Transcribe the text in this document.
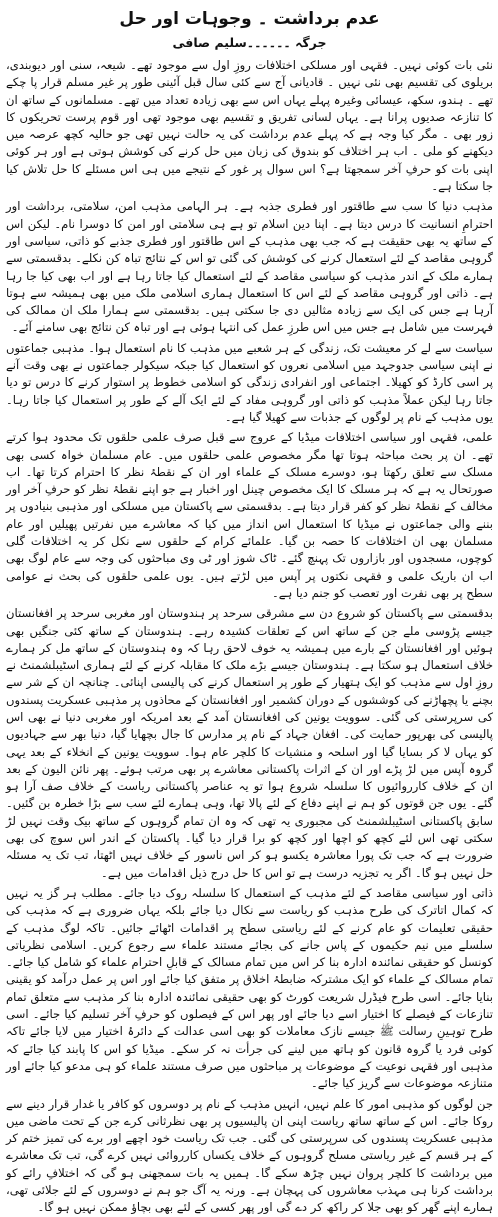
عدم برداشت ۔ وجوہات اور حل
جرگہ ۔۔۔۔۔۔سلیم صافی

نئی بات کوئی نہیں۔ فقہی اور مسلکی اختلافات روزِ اول سے موجود تھے۔ شیعہ، سنی اور دیوبندی، بریلوی کی تقسیم بھی نئی نہیں ۔ قادیانی آج سے کئی سال قبل آئینی طور پر غیر مسلم قرار پا چکے تھے ۔ ہندو، سکھ، عیسائی وغیرہ پہلے یہاں اس سے بھی زیادہ تعداد میں تھے۔ مسلمانوں کے ساتھ ان کا تنازعہ صدیوں پرانا ہے۔ یہاں لسانی تفریق و تقسیم بھی موجود تھی اور قوم پرست تحریکوں کا زور بھی ۔ مگر کیا وجہ ہے کہ پہلے عدم برداشت کی یہ حالت نہیں تھی جو حالیہ کچھ عرصہ میں دیکھنے کو ملی ۔ اب ہر اختلاف کو بندوق کی زبان میں حل کرنے کی کوشش ہوتی ہے اور ہر کوئی اپنی بات کو حرفِ آخر سمجھتا ہے؟ اس سوال پر غور کے نتیجے میں ہی اس مسئلے کا حل تلاش کیا جا سکتا ہے۔

مذہب دنیا کا سب سے طاقتور اور فطری جذبہ ہے۔ ہر الہامی مذہب امن، سلامتی، برداشت اور احترامِ انسانیت کا درس دیتا ہے۔ اپنا دین اسلام تو ہے ہی سلامتی اور امن کا دوسرا نام۔ لیکن اس کے ساتھ یہ بھی حقیقت ہے کہ جب بھی مذہب کے اس طاقتور اور فطری جذبے کو ذاتی، سیاسی اور گروہی مقاصد کے لئے استعمال کرنے کی کوشش کی گئی تو اس کے نتائج تباہ کن نکلے۔ بدقسمتی سے ہمارے ملک کے اندر مذہب کو سیاسی مقاصد کے لئے استعمال کیا جاتا رہا ہے اور اب بھی کیا جا رہا ہے۔ ذاتی اور گروہی مقاصد کے لئے اس کا استعمال ہماری اسلامی ملک میں بھی ہمیشہ سے ہوتا آرہا ہے جس کی ایک سے زیادہ مثالیں دی جا سکتی ہیں۔ بدقسمتی سے ہمارا ملک ان ممالک کی فہرست میں شامل ہے جس میں اس طرزِ عمل کی انتہا ہوئی ہے اور تباہ کن نتائج بھی سامنے آئے۔

سیاست سے لے کر معیشت تک، زندگی کے ہر شعبے میں مذہب کا نام استعمال ہوا۔ مذہبی جماعتوں نے اپنی سیاسی جدوجہد میں اسلامی نعروں کو استعمال کیا جبکہ سیکولر جماعتوں نے بھی وقت آنے پر اسی کارڈ کو کھیلا۔ اجتماعی اور انفرادی زندگی کو اسلامی خطوط پر استوار کرنے کا درس تو دیا جاتا رہا لیکن عملاً مذہب کو ذاتی اور گروہی مفاد کے لئے ایک آلے کے طور پر استعمال کیا جاتا رہا۔ یوں مذہب کے نام پر لوگوں کے جذبات سے کھیلا گیا ہے۔

علمی، فقہی اور سیاسی اختلافات میڈیا کے عروج سے قبل صرف علمی حلقوں تک محدود ہوا کرتے تھے۔ ان پر بحث مباحثہ ہوتا تھا مگر مخصوص علمی حلقوں میں۔ عام مسلمان خواہ کسی بھی مسلک سے تعلق رکھتا ہو، دوسرے مسلک کے علماء اور ان کے نقطۂ نظر کا احترام کرتا تھا۔ اب صورتحال یہ ہے کہ ہر مسلک کا ایک مخصوص چینل اور اخبار ہے جو اپنے نقطۂ نظر کو حرفِ آخر اور مخالف کے نقطۂ نظر کو کفر قرار دیتا ہے۔ بدقسمتی سے پاکستان میں مسلکی اور مذہبی بنیادوں پر بننے والی جماعتوں نے میڈیا کا استعمال اس انداز میں کیا کہ معاشرے میں نفرتیں پھیلیں اور عام مسلمان بھی ان اختلافات کا حصہ بن گیا۔ علمائے کرام کے حلقوں سے نکل کر یہ اختلافات گلی کوچوں، مسجدوں اور بازاروں تک پہنچ گئے۔ ٹاک شوز اور ٹی وی مباحثوں کی وجہ سے عام لوگ بھی اب ان باریک علمی و فقہی نکتوں پر آپس میں لڑتے ہیں۔ یوں علمی حلقوں کی بحث نے عوامی سطح پر بھی نفرت اور تعصب کو جنم دیا ہے۔

بدقسمتی سے پاکستان کو شروع دن سے مشرقی سرحد پر ہندوستان اور مغربی سرحد پر افغانستان جیسے پڑوسی ملے جن کے ساتھ اس کے تعلقات کشیدہ رہے۔ ہندوستان کے ساتھ کئی جنگیں بھی ہوئیں اور افغانستان کے بارے میں ہمیشہ یہ خوف لاحق رہا کہ وہ ہندوستان کے ساتھ مل کر ہمارے خلاف استعمال ہو سکتا ہے۔ ہندوستان جیسے بڑے ملک کا مقابلہ کرنے کے لئے ہماری اسٹیبلشمنٹ نے روزِ اول سے مذہب کو ایک ہتھیار کے طور پر استعمال کرنے کی پالیسی اپنائی۔ چنانچہ ان کے شر سے بچنے یا پچھاڑنے کی کوششوں کے دوران کشمیر اور افغانستان کے محاذوں پر مذہبی عسکریت پسندوں کی سرپرستی کی گئی۔ سوویت یونین کی افغانستان آمد کے بعد امریکہ اور مغربی دنیا نے بھی اس پالیسی کی بھرپور حمایت کی۔ افغان جہاد کے نام پر مدارس کا جال بچھایا گیا، دنیا بھر سے جہادیوں کو یہاں لا کر بسایا گیا اور اسلحہ و منشیات کا کلچر عام ہوا۔ سوویت یونین کے انخلاء کے بعد یہی گروہ آپس میں لڑ پڑے اور ان کے اثرات پاکستانی معاشرے پر بھی مرتب ہوئے۔ پھر نائن الیون کے بعد ان کے خلاف کارروائیوں کا سلسلہ شروع ہوا تو یہ عناصر پاکستانی ریاست کے خلاف صف آرا ہو گئے۔ یوں جن قوتوں کو ہم نے اپنے دفاع کے لئے پالا تھا، وہی ہمارے لئے سب سے بڑا خطرہ بن گئیں۔ سابق پاکستانی اسٹیبلشمنٹ کی مجبوری یہ تھی کہ وہ ان تمام گروہوں کے ساتھ بیک وقت نہیں لڑ سکتی تھی اس لئے کچھ کو اچھا اور کچھ کو برا قرار دیا گیا۔ پاکستان کے اندر اس سوچ کی بھی ضرورت ہے کہ جب تک پورا معاشرہ یکسو ہو کر اس ناسور کے خلاف نہیں اٹھتا، تب تک یہ مسئلہ حل نہیں ہو گا۔ اگر یہ تجزیہ درست ہے تو اس کا حل درج ذیل اقدامات میں ہے۔

ذاتی اور سیاسی مقاصد کے لئے مذہب کے استعمال کا سلسلہ روک دیا جائے۔ مطلب ہر گز یہ نہیں کہ کمال اتاترک کی طرح مذہب کو ریاست سے نکال دیا جائے بلکہ یہاں ضروری ہے کہ مذہب کی حقیقی تعلیمات کو عام کرنے کے لئے ریاستی سطح پر اقدامات اٹھائے جائیں۔ تاکہ لوگ مذہب کے سلسلے میں نیم حکیموں کے پاس جانے کی بجائے مستند علماء سے رجوع کریں۔ اسلامی نظریاتی کونسل کو حقیقی نمائندہ ادارہ بنا کر اس میں تمام مسالک کے قابلِ احترام علماء کو شامل کیا جائے۔ تمام مسالک کے علماء کو ایک مشترکہ ضابطۂ اخلاق پر متفق کیا جائے اور اس پر عمل درآمد کو یقینی بنایا جائے۔ اسی طرح فیڈرل شریعت کورٹ کو بھی حقیقی نمائندہ ادارہ بنا کر مذہب سے متعلق تمام تنازعات کے فیصلے کا اختیار اسے دیا جائے اور پھر اس کے فیصلوں کو حرفِ آخر تسلیم کیا جائے۔ اسی طرح توہینِ رسالت ﷺ جیسے نازک معاملات کو بھی اسی عدالت کے دائرۂ اختیار میں لایا جائے تاکہ کوئی فرد یا گروہ قانون کو ہاتھ میں لینے کی جرأت نہ کر سکے۔ میڈیا کو اس کا پابند کیا جائے کہ مذہبی اور فقہی نوعیت کے موضوعات پر مباحثوں میں صرف مستند علماء کو ہی مدعو کیا جائے اور متنازعہ موضوعات سے گریز کیا جائے۔

جن لوگوں کو مذہبی امور کا علم نہیں، انہیں مذہب کے نام پر دوسروں کو کافر یا غدار قرار دینے سے روکا جائے۔ اس کے ساتھ ساتھ ریاست اپنی ان پالیسیوں پر بھی نظرثانی کرے جن کے تحت ماضی میں مذہبی عسکریت پسندوں کی سرپرستی کی گئی۔ جب تک ریاست خود اچھے اور برے کی تمیز ختم کر کے ہر قسم کے غیر ریاستی مسلح گروہوں کے خلاف یکساں کارروائی نہیں کرے گی، تب تک معاشرے میں برداشت کا کلچر پروان نہیں چڑھ سکے گا۔ ہمیں یہ بات سمجھنی ہو گی کہ اختلافِ رائے کو برداشت کرنا ہی مہذب معاشروں کی پہچان ہے۔ ورنہ یہ آگ جو ہم نے دوسروں کے لئے جلائی تھی، ہمارے اپنے گھر کو بھی جلا کر راکھ کر دے گی اور پھر کسی کے لئے بھی بچاؤ ممکن نہیں ہو گا۔
